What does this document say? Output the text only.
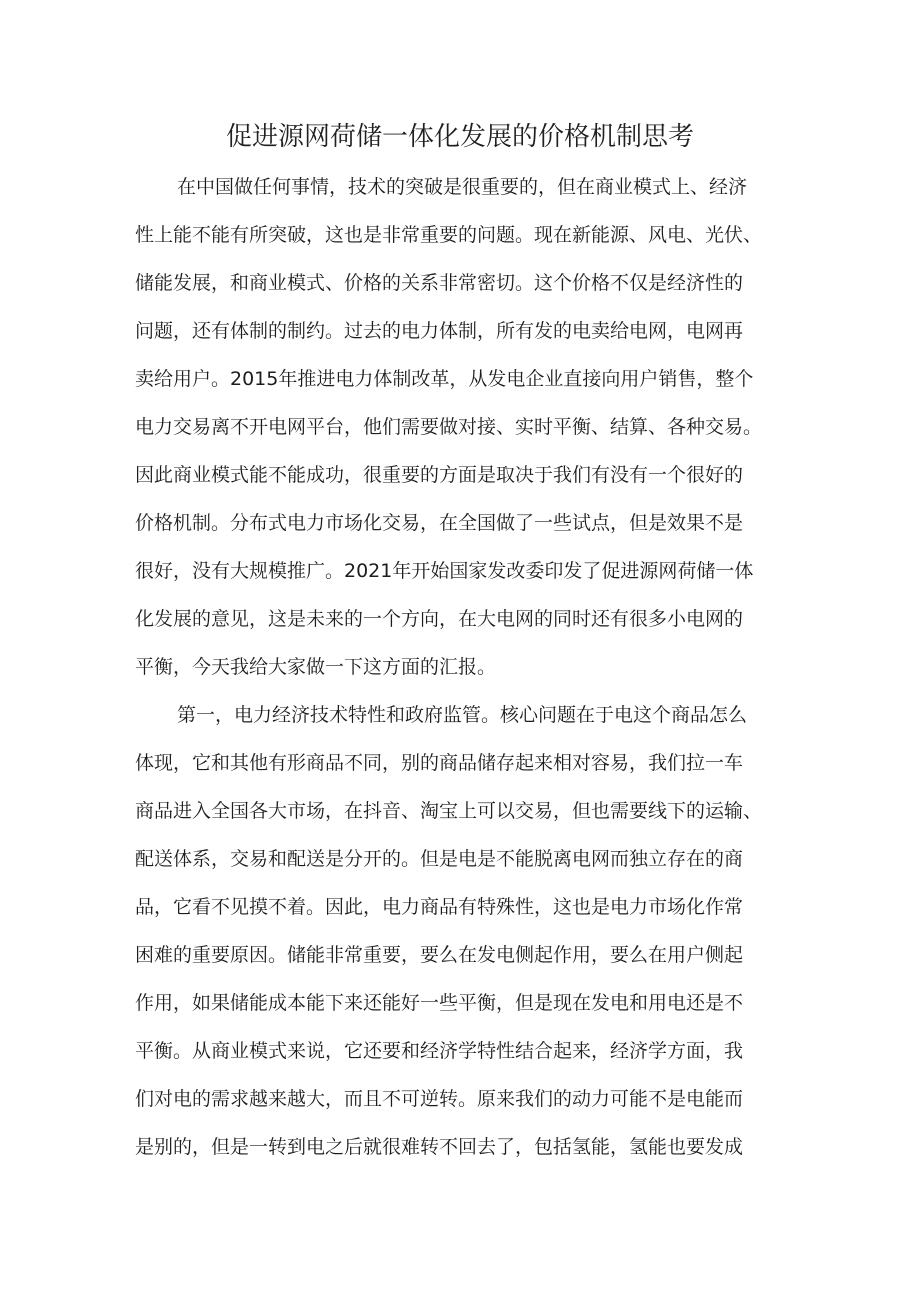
促进源网荷储一体化发展的价格机制思考
在中国做任何事情，技术的突破是很重要的，但在商业模式上、经济
性上能不能有所突破，这也是非常重要的问题。现在新能源、风电、光伏、
储能发展，和商业模式、价格的关系非常密切。这个价格不仅是经济性的
问题，还有体制的制约。过去的电力体制，所有发的电卖给电网，电网再
卖给用户。2015年推进电力体制改革，从发电企业直接向用户销售，整个
电力交易离不开电网平台，他们需要做对接、实时平衡、结算、各种交易。
因此商业模式能不能成功，很重要的方面是取决于我们有没有一个很好的
价格机制。分布式电力市场化交易，在全国做了一些试点，但是效果不是
很好，没有大规模推广。2021年开始国家发改委印发了促进源网荷储一体
化发展的意见，这是未来的一个方向，在大电网的同时还有很多小电网的
平衡，今天我给大家做一下这方面的汇报。
第一，电力经济技术特性和政府监管。核心问题在于电这个商品怎么
体现，它和其他有形商品不同，别的商品储存起来相对容易，我们拉一车
商品进入全国各大市场，在抖音、淘宝上可以交易，但也需要线下的运输、
配送体系，交易和配送是分开的。但是电是不能脱离电网而独立存在的商
品，它看不见摸不着。因此，电力商品有特殊性，这也是电力市场化作常
困难的重要原因。储能非常重要，要么在发电侧起作用，要么在用户侧起
作用，如果储能成本能下来还能好一些平衡，但是现在发电和用电还是不
平衡。从商业模式来说，它还要和经济学特性结合起来，经济学方面，我
们对电的需求越来越大，而且不可逆转。原来我们的动力可能不是电能而
是别的，但是一转到电之后就很难转不回去了，包括氢能，氢能也要发成
